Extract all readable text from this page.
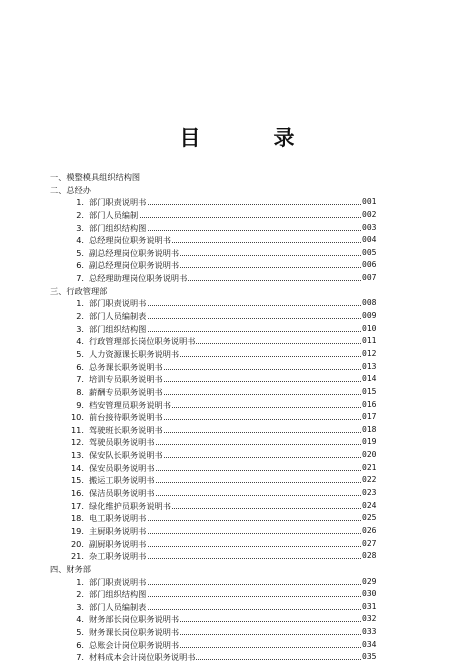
目　录
一、模整模具组织结构图
二、总经办
1. 部门职责说明书	001
2. 部门人员编制	002
3. 部门组织结构图	003
4. 总经理岗位职务说明书	004
5. 副总经理岗位职务说明书	005
6. 副总经理岗位职务说明书	006
7. 总经理助理岗位职务说明书	007
三、行政管理部
1. 部门职责说明书	008
2. 部门人员编制表	009
3. 部门组织结构图	010
4. 行政管理部长岗位职务说明书	011
5. 人力资源课长职务说明书	012
6. 总务课长职务说明书	013
7. 培训专员职务说明书	014
8. 薪酬专员职务说明书	015
9. 档安管理员职务说明书	016
10. 前台接待职务说明书	017
11. 驾驶班长职务说明书	018
12. 驾驶员职务说明书	019
13. 保安队长职务说明书	020
14. 保安员职务说明书	021
15. 搬运工职务说明书	022
16. 保洁员职务说明书	023
17. 绿化维护员职务说明书	024
18. 电工职务说明书	025
19. 主厨职务说明书	026
20. 副厨职务说明书	027
21. 杂工职务说明书	028
四、财务部
1. 部门职责说明书	029
2. 部门组织结构图	030
3. 部门人员编制表	031
4. 财务部长岗位职务说明书	032
5. 财务课长岗位职务说明书	033
6. 总账会计岗位职务说明书	034
7. 材料成本会计岗位职务说明书	035
